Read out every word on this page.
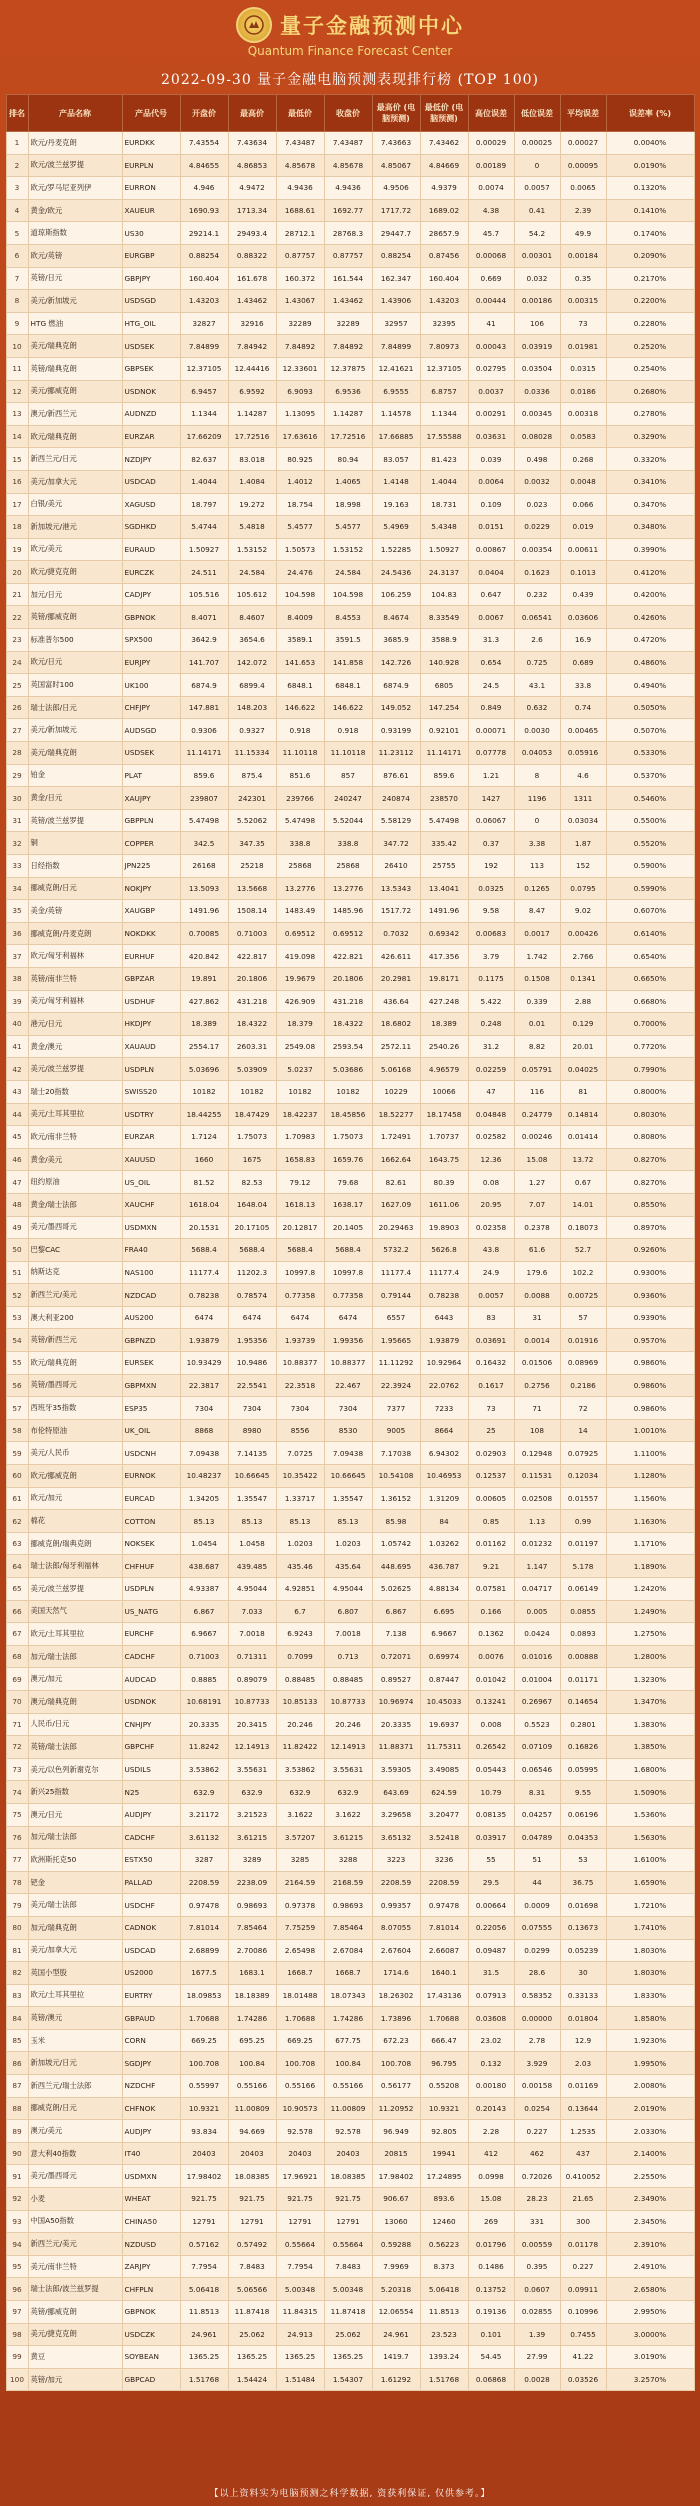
量子金融预测中心
Quantum Finance Forecast Center
2022-09-30 量子金融电脑预测表现排行榜 (TOP 100)
排名	产品名称	产品代号	开盘价	最高价	最低价	收盘价	最高价 (电脑预测)	最低价 (电脑预测)	高位误差	低位误差	平均误差	误差率 (%)
1	欧元/丹麦克朗	EURDKK	7.43554	7.43634	7.43487	7.43487	7.43663	7.43462	0.00029	0.00025	0.00027	0.0040%
2	欧元/波兰兹罗提	EURPLN	4.84655	4.86853	4.85678	4.85678	4.85067	4.84669	0.00189	0	0.00095	0.0190%
3	欧元/罗马尼亚列伊	EURRON	4.946	4.9472	4.9436	4.9436	4.9506	4.9379	0.0074	0.0057	0.0065	0.1320%
4	黄金/欧元	XAUEUR	1690.93	1713.34	1688.61	1692.77	1717.72	1689.02	4.38	0.41	2.39	0.1410%
5	道琼斯指数	US30	29214.1	29493.4	28712.1	28768.3	29447.7	28657.9	45.7	54.2	49.9	0.1740%
6	欧元/英镑	EURGBP	0.88254	0.88322	0.87757	0.87757	0.88254	0.87456	0.00068	0.00301	0.00184	0.2090%
7	英镑/日元	GBPJPY	160.404	161.678	160.372	161.544	162.347	160.404	0.669	0.032	0.35	0.2170%
8	美元/新加坡元	USDSGD	1.43203	1.43462	1.43067	1.43462	1.43906	1.43203	0.00444	0.00186	0.00315	0.2200%
9	HTG 燃油	HTG_OIL	32827	32916	32289	32289	32957	32395	41	106	73	0.2280%
10	美元/瑞典克朗	USDSEK	7.84899	7.84942	7.84892	7.84892	7.84899	7.80973	0.00043	0.03919	0.01981	0.2520%
11	英镑/瑞典克朗	GBPSEK	12.37105	12.44416	12.33601	12.37875	12.41621	12.37105	0.02795	0.03504	0.0315	0.2540%
12	美元/挪威克朗	USDNOK	6.9457	6.9592	6.9093	6.9536	6.9555	6.8757	0.0037	0.0336	0.0186	0.2680%
13	澳元/新西兰元	AUDNZD	1.1344	1.14287	1.13095	1.14287	1.14578	1.1344	0.00291	0.00345	0.00318	0.2780%
14	欧元/瑞典克朗	EURZAR	17.66209	17.72516	17.63616	17.72516	17.66885	17.55588	0.03631	0.08028	0.0583	0.3290%
15	新西兰元/日元	NZDJPY	82.637	83.018	80.925	80.94	83.057	81.423	0.039	0.498	0.268	0.3320%
16	美元/加拿大元	USDCAD	1.4044	1.4084	1.4012	1.4065	1.4148	1.4044	0.0064	0.0032	0.0048	0.3410%
17	白银/美元	XAGUSD	18.797	19.272	18.754	18.998	19.163	18.731	0.109	0.023	0.066	0.3470%
18	新加坡元/港元	SGDHKD	5.4744	5.4818	5.4577	5.4577	5.4969	5.4348	0.0151	0.0229	0.019	0.3480%
19	欧元/美元	EURAUD	1.50927	1.53152	1.50573	1.53152	1.52285	1.50927	0.00867	0.00354	0.00611	0.3990%
20	欧元/捷克克朗	EURCZK	24.511	24.584	24.476	24.584	24.5436	24.3137	0.0404	0.1623	0.1013	0.4120%
21	加元/日元	CADJPY	105.516	105.612	104.598	104.598	106.259	104.83	0.647	0.232	0.439	0.4200%
22	英镑/挪威克朗	GBPNOK	8.4071	8.4607	8.4009	8.4553	8.4674	8.33549	0.0067	0.06541	0.03606	0.4260%
23	标准普尔500	SPX500	3642.9	3654.6	3589.1	3591.5	3685.9	3588.9	31.3	2.6	16.9	0.4720%
24	欧元/日元	EURJPY	141.707	142.072	141.653	141.858	142.726	140.928	0.654	0.725	0.689	0.4860%
25	英国富时100	UK100	6874.9	6899.4	6848.1	6848.1	6874.9	6805	24.5	43.1	33.8	0.4940%
26	瑞士法郎/日元	CHFJPY	147.881	148.203	146.622	146.622	149.052	147.254	0.849	0.632	0.74	0.5050%
27	美元/新加坡元	AUDSGD	0.9306	0.9327	0.918	0.918	0.93199	0.92101	0.00071	0.0030	0.00465	0.5070%
28	美元/瑞典克朗	USDSEK	11.14171	11.15334	11.10118	11.10118	11.23112	11.14171	0.07778	0.04053	0.05916	0.5330%
29	铂金	PLAT	859.6	875.4	851.6	857	876.61	859.6	1.21	8	4.6	0.5370%
30	黄金/日元	XAUJPY	239807	242301	239766	240247	240874	238570	1427	1196	1311	0.5460%
31	英镑/波兰兹罗提	GBPPLN	5.47498	5.52062	5.47498	5.52044	5.58129	5.47498	0.06067	0	0.03034	0.5500%
32	铜	COPPER	342.5	347.35	338.8	338.8	347.72	335.42	0.37	3.38	1.87	0.5520%
33	日经指数	JPN225	26168	25218	25868	25868	26410	25755	192	113	152	0.5900%
34	挪威克朗/日元	NOKJPY	13.5093	13.5668	13.2776	13.2776	13.5343	13.4041	0.0325	0.1265	0.0795	0.5990%
35	美金/英镑	XAUGBP	1491.96	1508.14	1483.49	1485.96	1517.72	1491.96	9.58	8.47	9.02	0.6070%
36	挪威克朗/丹麦克朗	NOKDKK	0.70085	0.71003	0.69512	0.69512	0.7032	0.69342	0.00683	0.0017	0.00426	0.6140%
37	欧元/匈牙利福林	EURHUF	420.842	422.817	419.098	422.821	426.611	417.356	3.79	1.742	2.766	0.6540%
38	英镑/南非兰特	GBPZAR	19.891	20.1806	19.9679	20.1806	20.2981	19.8171	0.1175	0.1508	0.1341	0.6650%
39	美元/匈牙利福林	USDHUF	427.862	431.218	426.909	431.218	436.64	427.248	5.422	0.339	2.88	0.6680%
40	港元/日元	HKDJPY	18.389	18.4322	18.379	18.4322	18.6802	18.389	0.248	0.01	0.129	0.7000%
41	黄金/澳元	XAUAUD	2554.17	2603.31	2549.08	2593.54	2572.11	2540.26	31.2	8.82	20.01	0.7720%
42	美元/波兰兹罗提	USDPLN	5.03696	5.03909	5.0237	5.03686	5.06168	4.96579	0.02259	0.05791	0.04025	0.7990%
43	瑞士20指数	SWISS20	10182	10182	10182	10182	10229	10066	47	116	81	0.8000%
44	美元/土耳其里拉	USDTRY	18.44255	18.47429	18.42237	18.45856	18.52277	18.17458	0.04848	0.24779	0.14814	0.8030%
45	欧元/南非兰特	EURZAR	1.7124	1.75073	1.70983	1.75073	1.72491	1.70737	0.02582	0.00246	0.01414	0.8080%
46	黄金/美元	XAUUSD	1660	1675	1658.83	1659.76	1662.64	1643.75	12.36	15.08	13.72	0.8270%
47	纽约原油	US_OIL	81.52	82.53	79.12	79.68	82.61	80.39	0.08	1.27	0.67	0.8270%
48	黄金/瑞士法郎	XAUCHF	1618.04	1648.04	1618.13	1638.17	1627.09	1611.06	20.95	7.07	14.01	0.8550%
49	美元/墨西哥元	USDMXN	20.1531	20.17105	20.12817	20.1405	20.29463	19.8903	0.02358	0.2378	0.18073	0.8970%
50	巴黎CAC	FRA40	5688.4	5688.4	5688.4	5688.4	5732.2	5626.8	43.8	61.6	52.7	0.9260%
51	纳斯达克	NAS100	11177.4	11202.3	10997.8	10997.8	11177.4	11177.4	24.9	179.6	102.2	0.9300%
52	新西兰元/美元	NZDCAD	0.78238	0.78574	0.77358	0.77358	0.79144	0.78238	0.0057	0.0088	0.00725	0.9360%
53	澳大利亚200	AUS200	6474	6474	6474	6474	6557	6443	83	31	57	0.9390%
54	英镑/新西兰元	GBPNZD	1.93879	1.95356	1.93739	1.99356	1.95665	1.93879	0.03691	0.0014	0.01916	0.9570%
55	欧元/瑞典克朗	EURSEK	10.93429	10.9486	10.88377	10.88377	11.11292	10.92964	0.16432	0.01506	0.08969	0.9860%
56	英镑/墨西哥元	GBPMXN	22.3817	22.5541	22.3518	22.467	22.3924	22.0762	0.1617	0.2756	0.2186	0.9860%
57	西班牙35指数	ESP35	7304	7304	7304	7304	7377	7233	73	71	72	0.9860%
58	布伦特原油	UK_OIL	8868	8980	8556	8530	9005	8664	25	108	14	1.0010%
59	美元/人民币	USDCNH	7.09438	7.14135	7.0725	7.09438	7.17038	6.94302	0.02903	0.12948	0.07925	1.1100%
60	欧元/挪威克朗	EURNOK	10.48237	10.66645	10.35422	10.66645	10.54108	10.46953	0.12537	0.11531	0.12034	1.1280%
61	欧元/加元	EURCAD	1.34205	1.35547	1.33717	1.35547	1.36152	1.31209	0.00605	0.02508	0.01557	1.1560%
62	棉花	COTTON	85.13	85.13	85.13	85.13	85.98	84	0.85	1.13	0.99	1.1630%
63	挪威克朗/瑞典克朗	NOKSEK	1.0454	1.0458	1.0203	1.0203	1.05742	1.03262	0.01162	0.01232	0.01197	1.1710%
64	瑞士法郎/匈牙利福林	CHFHUF	438.687	439.485	435.46	435.64	448.695	436.787	9.21	1.147	5.178	1.1890%
65	美元/波兰兹罗提	USDPLN	4.93387	4.95044	4.92851	4.95044	5.02625	4.88134	0.07581	0.04717	0.06149	1.2420%
66	美国天然气	US_NATG	6.867	7.033	6.7	6.807	6.867	6.695	0.166	0.005	0.0855	1.2490%
67	欧元/土耳其里拉	EURCHF	6.9667	7.0018	6.9243	7.0018	7.138	6.9667	0.1362	0.0424	0.0893	1.2750%
68	加元/瑞士法郎	CADCHF	0.71003	0.71311	0.7099	0.713	0.72071	0.69974	0.0076	0.01016	0.00888	1.2800%
69	澳元/加元	AUDCAD	0.8885	0.89079	0.88485	0.88485	0.89527	0.87447	0.01042	0.01004	0.01171	1.3230%
70	澳元/瑞典克朗	USDNOK	10.68191	10.87733	10.85133	10.87733	10.96974	10.45033	0.13241	0.26967	0.14654	1.3470%
71	人民币/日元	CNHJPY	20.3335	20.3415	20.246	20.246	20.3335	19.6937	0.008	0.5523	0.2801	1.3830%
72	英镑/瑞士法郎	GBPCHF	11.8242	12.14913	11.82422	12.14913	11.88371	11.75311	0.26542	0.07109	0.16826	1.3850%
73	美元/以色列新谢克尔	USDILS	3.53862	3.55631	3.53862	3.55631	3.59305	3.49085	0.05443	0.06546	0.05995	1.6800%
74	新兴25指数	N25	632.9	632.9	632.9	632.9	643.69	624.59	10.79	8.31	9.55	1.5090%
75	澳元/日元	AUDJPY	3.21172	3.21523	3.1622	3.1622	3.29658	3.20477	0.08135	0.04257	0.06196	1.5360%
76	加元/瑞士法郎	CADCHF	3.61132	3.61215	3.57207	3.61215	3.65132	3.52418	0.03917	0.04789	0.04353	1.5630%
77	欧洲斯托克50	ESTX50	3287	3289	3285	3288	3223	3236	55	51	53	1.6100%
78	钯金	PALLAD	2208.59	2238.09	2164.59	2168.59	2208.59	2208.59	29.5	44	36.75	1.6590%
79	美元/瑞士法郎	USDCHF	0.97478	0.98693	0.97378	0.98693	0.99357	0.97478	0.00664	0.0009	0.01698	1.7210%
80	加元/瑞典克朗	CADNOK	7.81014	7.85464	7.75259	7.85464	8.07055	7.81014	0.22056	0.07555	0.13673	1.7410%
81	美元/加拿大元	USDCAD	2.68899	2.70086	2.65498	2.67084	2.67604	2.66087	0.09487	0.0299	0.05239	1.8030%
82	英国小型股	US2000	1677.5	1683.1	1668.7	1668.7	1714.6	1640.1	31.5	28.6	30	1.8030%
83	欧元/土耳其里拉	EURTRY	18.09853	18.18389	18.01488	18.07343	18.26302	17.43136	0.07913	0.58352	0.33133	1.8330%
84	英镑/澳元	GBPAUD	1.70688	1.74286	1.70688	1.74286	1.73896	1.70688	0.03608	0.00000	0.01804	1.8580%
85	玉米	CORN	669.25	695.25	669.25	677.75	672.23	666.47	23.02	2.78	12.9	1.9230%
86	新加坡元/日元	SGDJPY	100.708	100.84	100.708	100.84	100.708	96.795	0.132	3.929	2.03	1.9950%
87	新西兰元/瑞士法郎	NZDCHF	0.55997	0.55166	0.55166	0.55166	0.56177	0.55208	0.00180	0.00158	0.01169	2.0080%
88	挪威克朗/日元	CHFNOK	10.9321	11.00809	10.90573	11.00809	11.20952	10.9321	0.20143	0.0254	0.13644	2.0190%
89	澳元/美元	AUDJPY	93.834	94.669	92.578	92.578	96.949	92.805	2.28	0.227	1.2535	2.0330%
90	意大利40指数	IT40	20403	20403	20403	20403	20815	19941	412	462	437	2.1400%
91	美元/墨西哥元	USDMXN	17.98402	18.08385	17.96921	18.08385	17.98402	17.24895	0.0998	0.72026	0.410052	2.2550%
92	小麦	WHEAT	921.75	921.75	921.75	921.75	906.67	893.6	15.08	28.23	21.65	2.3490%
93	中国A50指数	CHINA50	12791	12791	12791	12791	13060	12460	269	331	300	2.3450%
94	新西兰元/美元	NZDUSD	0.57162	0.57492	0.55664	0.55664	0.59288	0.56223	0.01796	0.00559	0.01178	2.3910%
95	美元/南非兰特	ZARJPY	7.7954	7.8483	7.7954	7.8483	7.9969	8.373	0.1486	0.395	0.227	2.4910%
96	瑞士法郎/波兰兹罗提	CHFPLN	5.06418	5.06566	5.00348	5.00348	5.20318	5.06418	0.13752	0.0607	0.09911	2.6580%
97	英镑/挪威克朗	GBPNOK	11.8513	11.87418	11.84315	11.87418	12.06554	11.8513	0.19136	0.02855	0.10996	2.9950%
98	美元/捷克克朗	USDCZK	24.961	25.062	24.913	25.062	24.961	23.523	0.101	1.39	0.7455	3.0000%
99	黄豆	SOYBEAN	1365.25	1365.25	1365.25	1365.25	1419.7	1393.24	54.45	27.99	41.22	3.0190%
100	英镑/加元	GBPCAD	1.51768	1.54424	1.51484	1.54307	1.61292	1.51768	0.06868	0.0028	0.03526	3.2570%
【以上资料实为电脑预测之科学数据, 资获利保证, 仅供参考。】
